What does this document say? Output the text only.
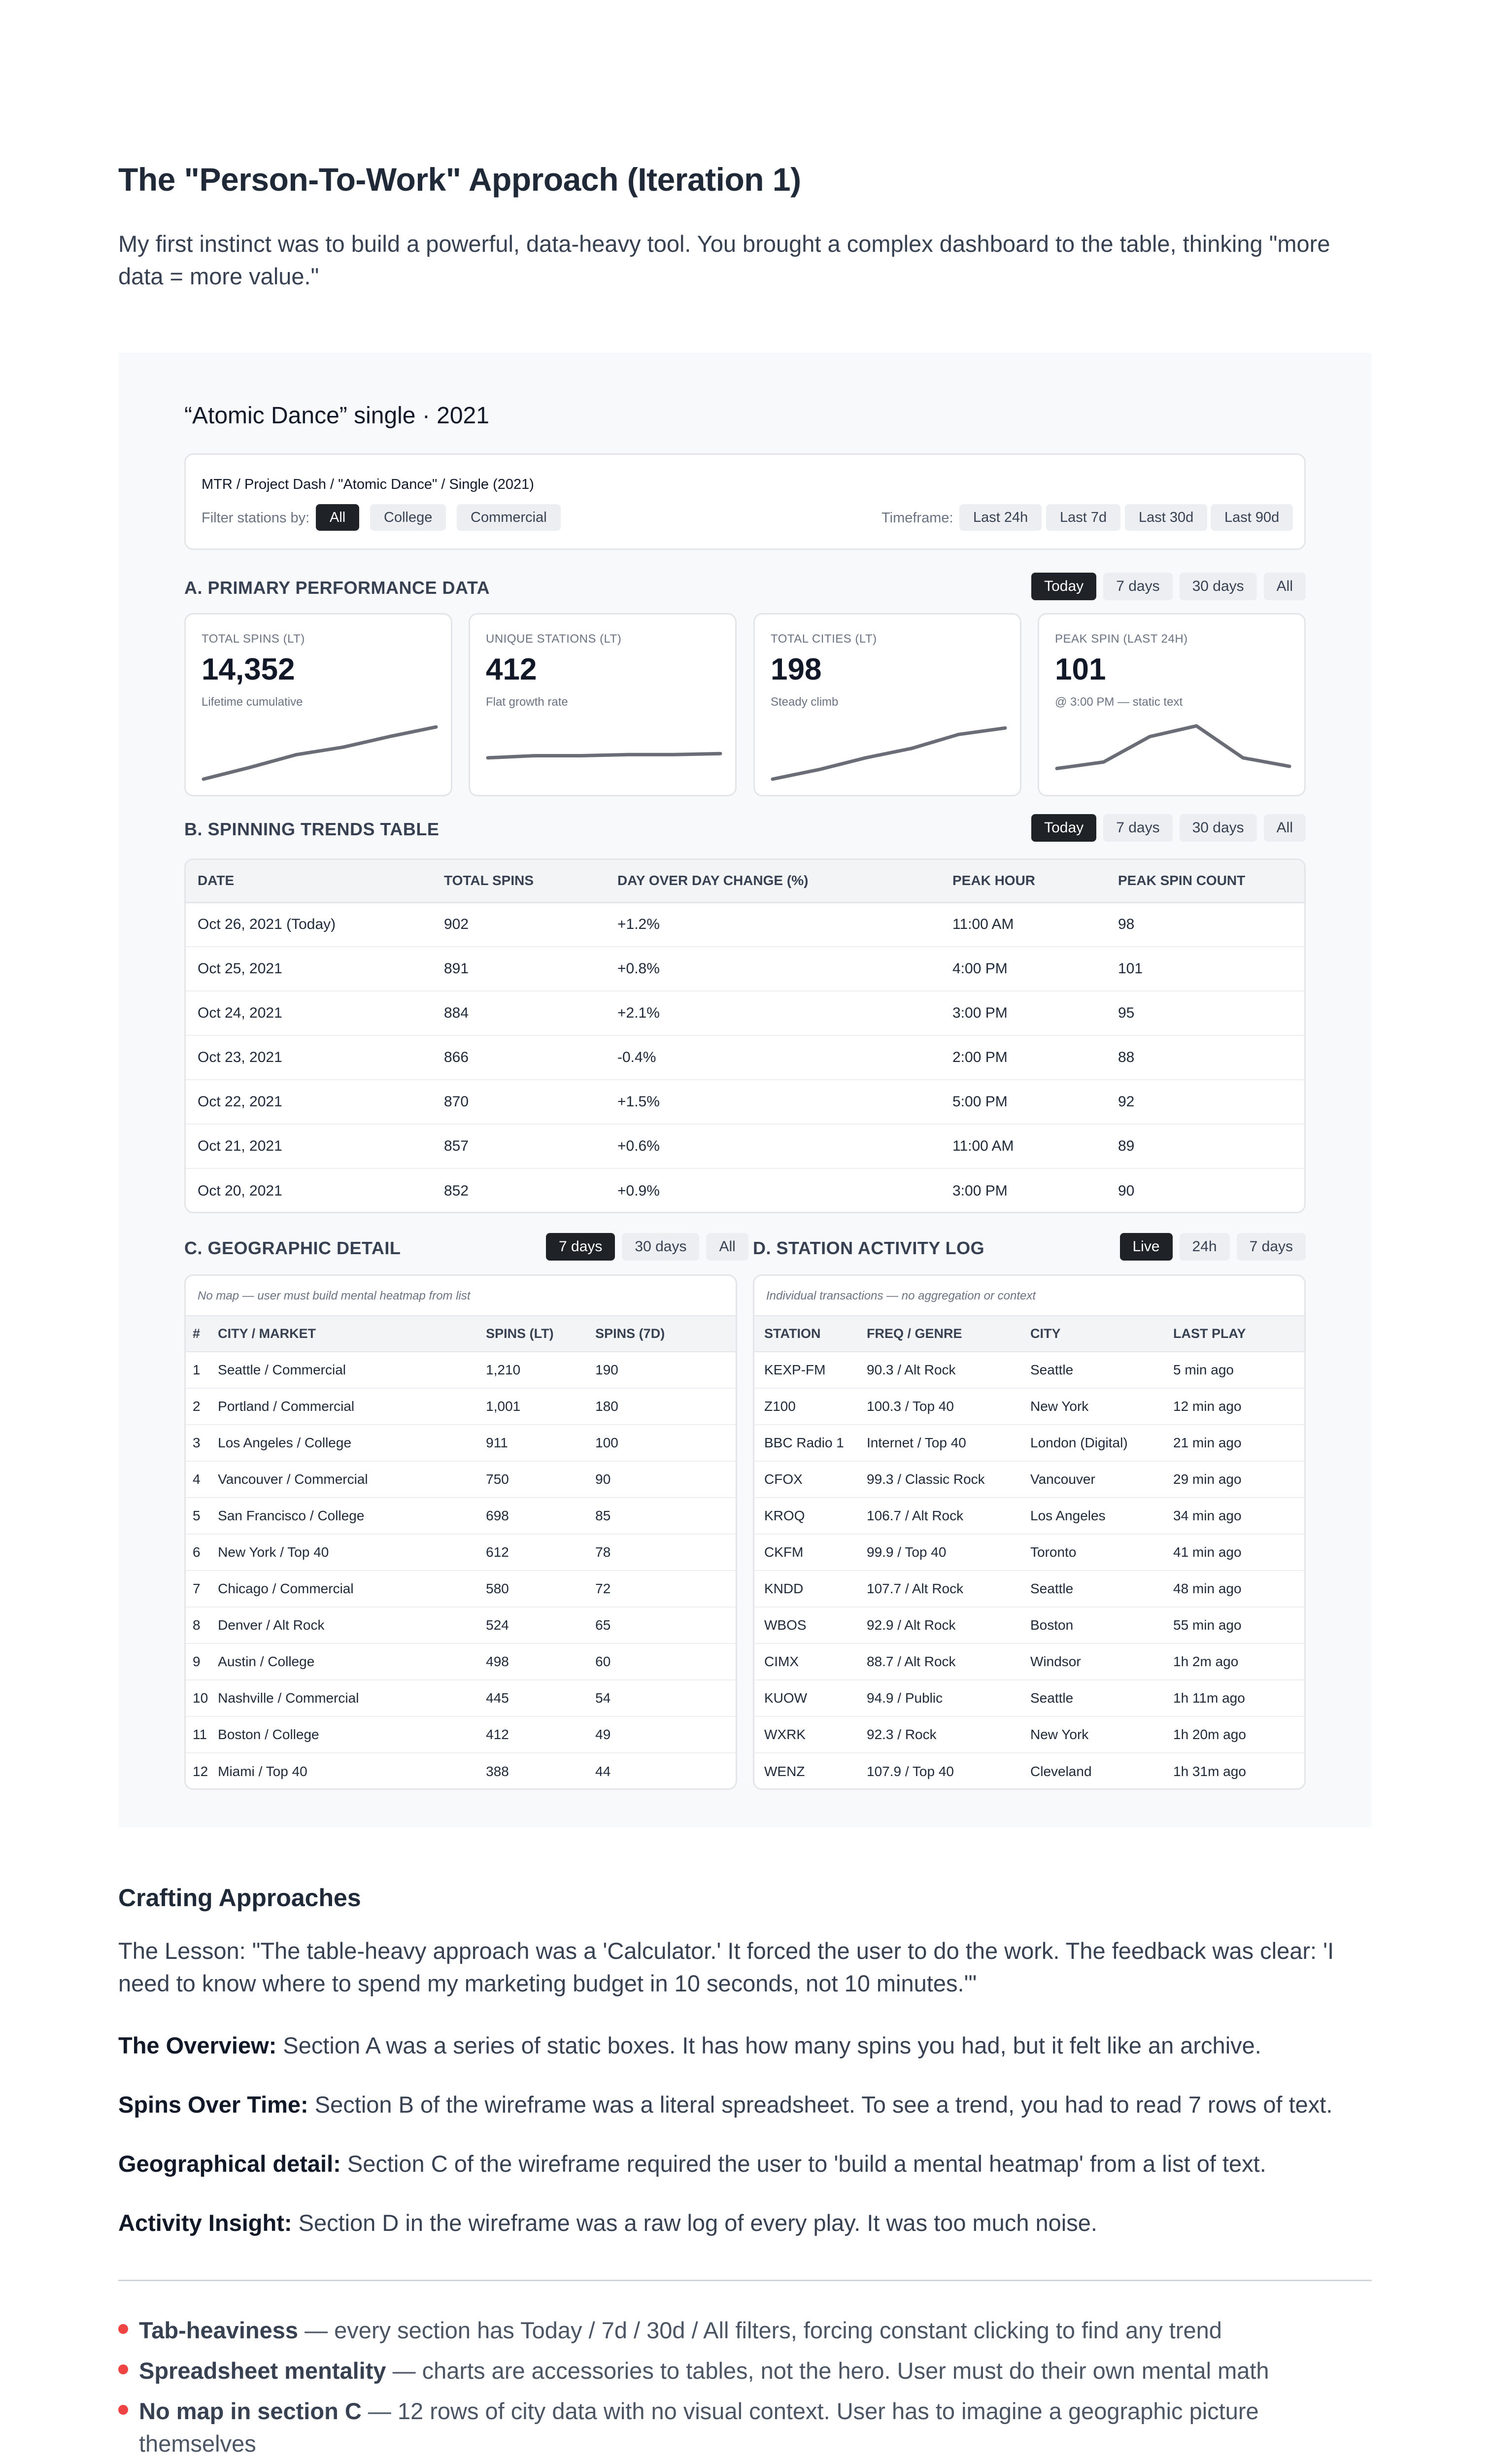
The "Person-To-Work" Approach (Iteration 1)

My first instinct was to build a powerful, data-heavy tool. You brought a complex dashboard to the table, thinking "more data = more value."

“Atomic Dance” single · 2021
MTR / Project Dash / "Atomic Dance" / Single (2021)
Filter stations by:	All	College	Commercial	Timeframe:	Last 24h	Last 7d	Last 30d	Last 90d
A. PRIMARY PERFORMANCE DATA	Today	7 days	30 days	All
TOTAL SPINS (LT)
14,352
Lifetime cumulative
UNIQUE STATIONS (LT)
412
Flat growth rate
TOTAL CITIES (LT)
198
Steady climb
PEAK SPIN (LAST 24H)
101
@ 3:00 PM — static text
B. SPINNING TRENDS TABLE	Today	7 days	30 days	All
DATE	TOTAL SPINS	DAY OVER DAY CHANGE (%)	PEAK HOUR	PEAK SPIN COUNT
Oct 26, 2021 (Today)	902	+1.2%	11:00 AM	98
Oct 25, 2021	891	+0.8%	4:00 PM	101
Oct 24, 2021	884	+2.1%	3:00 PM	95
Oct 23, 2021	866	-0.4%	2:00 PM	88
Oct 22, 2021	870	+1.5%	5:00 PM	92
Oct 21, 2021	857	+0.6%	11:00 AM	89
Oct 20, 2021	852	+0.9%	3:00 PM	90
C. GEOGRAPHIC DETAIL	7 days	30 days	All
No map — user must build mental heatmap from list
#	CITY / MARKET	SPINS (LT)	SPINS (7D)
1	Seattle / Commercial	1,210	190
2	Portland / Commercial	1,001	180
3	Los Angeles / College	911	100
4	Vancouver / Commercial	750	90
5	San Francisco / College	698	85
6	New York / Top 40	612	78
7	Chicago / Commercial	580	72
8	Denver / Alt Rock	524	65
9	Austin / College	498	60
10	Nashville / Commercial	445	54
11	Boston / College	412	49
12	Miami / Top 40	388	44
D. STATION ACTIVITY LOG	Live	24h	7 days
Individual transactions — no aggregation or context
STATION	FREQ / GENRE	CITY	LAST PLAY
KEXP-FM	90.3 / Alt Rock	Seattle	5 min ago
Z100	100.3 / Top 40	New York	12 min ago
BBC Radio 1	Internet / Top 40	London (Digital)	21 min ago
CFOX	99.3 / Classic Rock	Vancouver	29 min ago
KROQ	106.7 / Alt Rock	Los Angeles	34 min ago
CKFM	99.9 / Top 40	Toronto	41 min ago
KNDD	107.7 / Alt Rock	Seattle	48 min ago
WBOS	92.9 / Alt Rock	Boston	55 min ago
CIMX	88.7 / Alt Rock	Windsor	1h 2m ago
KUOW	94.9 / Public	Seattle	1h 11m ago
WXRK	92.3 / Rock	New York	1h 20m ago
WENZ	107.9 / Top 40	Cleveland	1h 31m ago
Crafting Approaches
The Lesson: "The table-heavy approach was a 'Calculator.' It forced the user to do the work. The feedback was clear: 'I need to know where to spend my marketing budget in 10 seconds, not 10 minutes.'"
The Overview: Section A was a series of static boxes. It has how many spins you had, but it felt like an archive.
Spins Over Time: Section B of the wireframe was a literal spreadsheet. To see a trend, you had to read 7 rows of text.
Geographical detail: Section C of the wireframe required the user to 'build a mental heatmap' from a list of text.
Activity Insight: Section D in the wireframe was a raw log of every play. It was too much noise.
Tab-heaviness — every section has Today / 7d / 30d / All filters, forcing constant clicking to find any trend
Spreadsheet mentality — charts are accessories to tables, not the hero. User must do their own mental math
No map in section C — 12 rows of city data with no visual context. User has to imagine a geographic picture themselves
